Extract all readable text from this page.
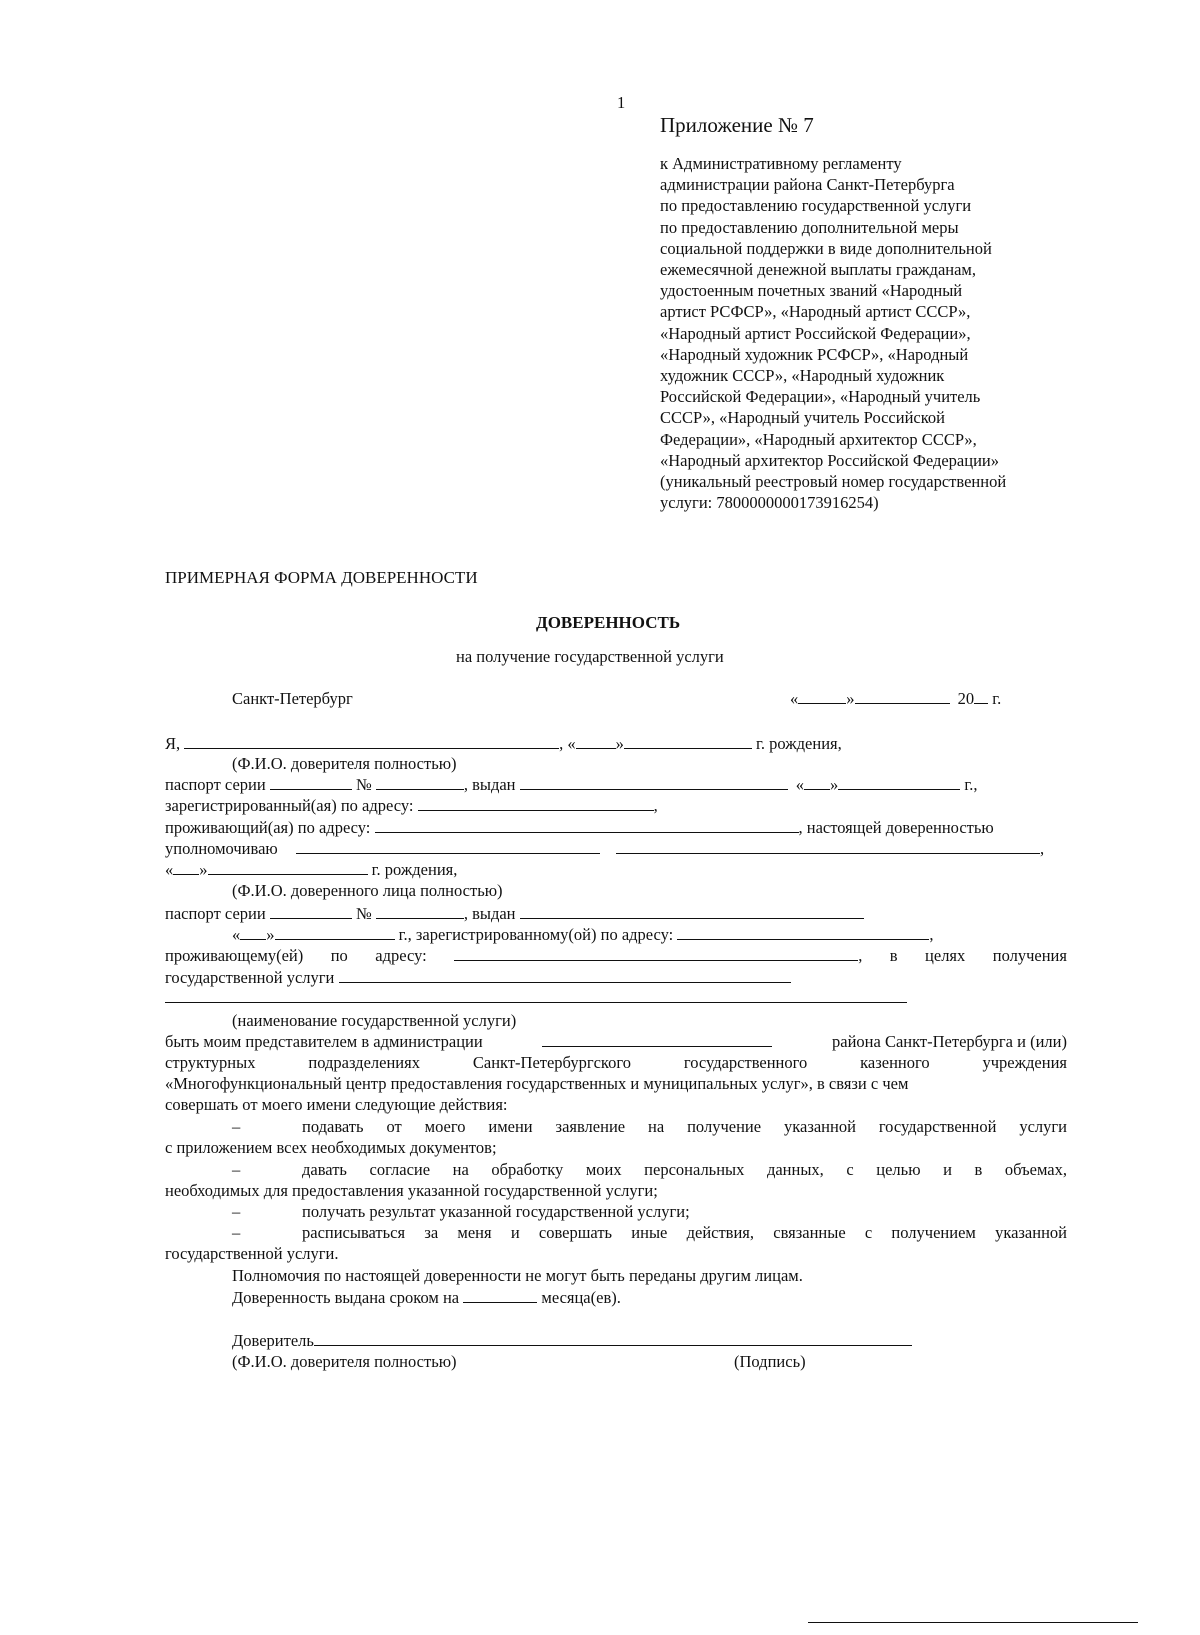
1
Приложение № 7
к Административному регламенту
администрации района Санкт-Петербурга
по предоставлению государственной услуги
по предоставлению дополнительной меры
социальной поддержки в виде дополнительной
ежемесячной денежной выплаты гражданам,
удостоенным почетных званий «Народный
артист РСФСР», «Народный артист СССР»,
«Народный артист Российской Федерации»,
«Народный художник РСФСР», «Народный
художник СССР», «Народный художник
Российской Федерации», «Народный учитель
СССР», «Народный учитель Российской
Федерации», «Народный архитектор СССР»,
«Народный архитектор Российской Федерации»
(уникальный реестровый номер государственной
услуги: 7800000000173916254)
ПРИМЕРНАЯ ФОРМА ДОВЕРЕННОСТИ
ДОВЕРЕННОСТЬ
на получение государственной услуги
Санкт-Петербург	«	»	20 г.
Я,	, « »	г. рождения,
(Ф.И.О. доверителя полностью)
паспорт серии	№	, выдан	« »	г.,
зарегистрированный(ая) по адресу:	,
проживающий(ая) по адресу:	, настоящей доверенностью
уполномочиваю	,
« »	г. рождения,
(Ф.И.О. доверенного лица полностью)
паспорт серии	№	, выдан
« »	г., зарегистрированному(ой) по адресу:	,
проживающему(ей) по адресу:	, в целях получения
государственной услуги
(наименование государственной услуги)
быть моим представителем в администрации	района Санкт-Петербурга и (или)
структурных подразделениях Санкт-Петербургского государственного казенного учреждения
«Многофункциональный центр предоставления государственных и муниципальных услуг», в связи с чем
совершать от моего имени следующие действия:
–	подавать от моего имени заявление на получение указанной государственной услуги
с приложением всех необходимых документов;
–	давать согласие на обработку моих персональных данных, с целью и в объемах,
необходимых для предоставления указанной государственной услуги;
–	получать результат указанной государственной услуги;
–	расписываться за меня и совершать иные действия, связанные с получением указанной
государственной услуги.
Полномочия по настоящей доверенности не могут быть переданы другим лицам.
Доверенность выдана сроком на	месяца(ев).
Доверитель
(Ф.И.О. доверителя полностью)	(Подпись)
